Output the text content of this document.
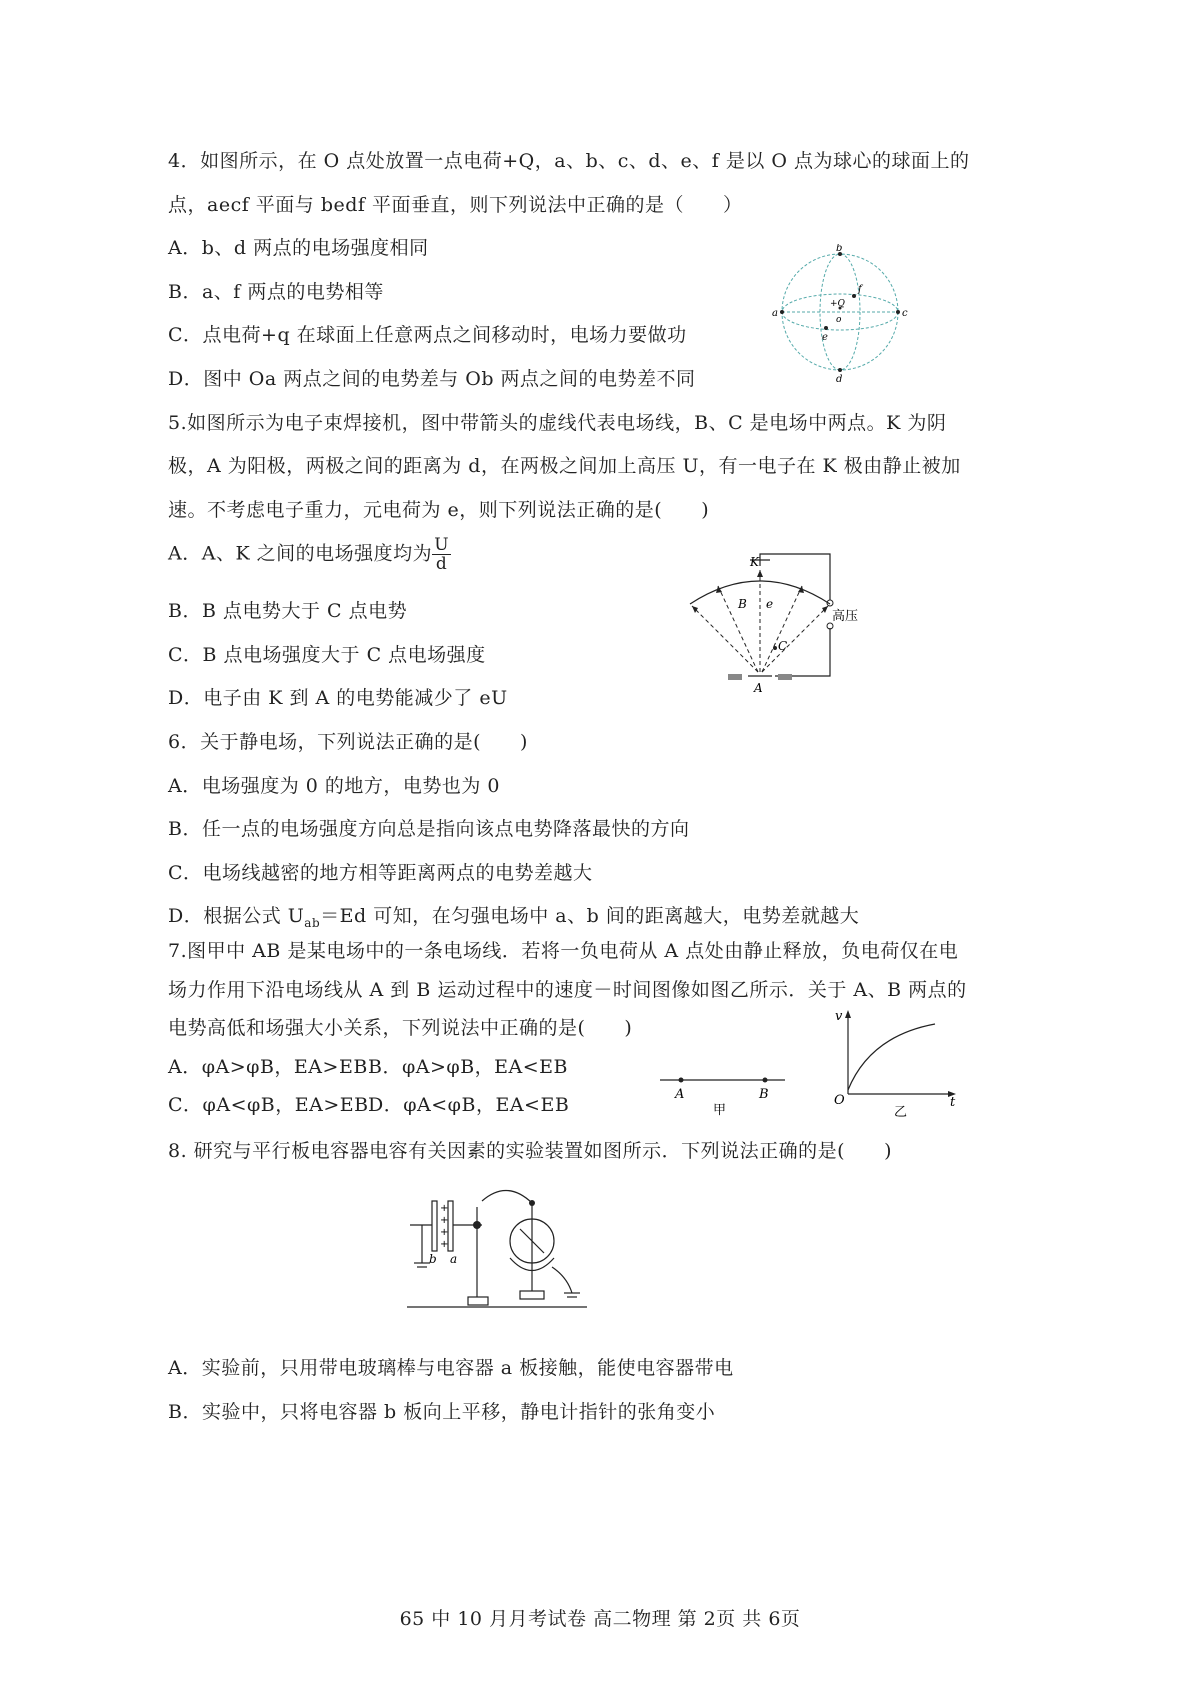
4．如图所示，在 O 点处放置一点电荷+Q，a、b、c、d、e、f 是以 O 点为球心的球面上的
点，aecf 平面与 bedf 平面垂直，则下列说法中正确的是（　　）
A．b、d 两点的电场强度相同
B．a、f 两点的电势相等
C．点电荷+q 在球面上任意两点之间移动时，电场力要做功
D．图中 Oa 两点之间的电势差与 Ob 两点之间的电势差不同
a	c
b
d
e
f
+Q
o
5.如图所示为电子束焊接机，图中带箭头的虚线代表电场线，B、C 是电场中两点。K 为阴
极，A 为阳极，两极之间的距离为 d，在两极之间加上高压 U，有一电子在 K 极由静止被加
速。不考虑电子重力，元电荷为 e，则下列说法正确的是(　　)
A．A、K 之间的电场强度均为 $\frac{U}{d}$
B．B 点电势大于 C 点电势
C．B 点电场强度大于 C 点电场强度
D．电子由 K 到 A 的电势能减少了 eU
K
B e
C
A
高压
6．关于静电场，下列说法正确的是(　　)
A．电场强度为 0 的地方，电势也为 0
B．任一点的电场强度方向总是指向该点电势降落最快的方向
C．电场线越密的地方相等距离两点的电势差越大
D．根据公式 $U_{ab}=Ed$ 可知，在匀强电场中 a、b 间的距离越大，电势差就越大
7.图甲中 AB 是某电场中的一条电场线．若将一负电荷从 A 点处由静止释放，负电荷仅在电
场力作用下沿电场线从 A 到 B 运动过程中的速度－时间图像如图乙所示．关于 A、B 两点的
电势高低和场强大小关系，下列说法中正确的是(　　)
A．φA>φB，EA>EB B．φA>φB，EA<EB
C．φA<φB，EA>EB D．φA<φB，EA<EB	A	B
甲
v
O	t
乙
8. 研究与平行板电容器电容有关因素的实验装置如图所示．下列说法正确的是(　　)
+
+
+
+
b a
A．实验前，只用带电玻璃棒与电容器 a 板接触，能使电容器带电
B．实验中，只将电容器 b 板向上平移，静电计指针的张角变小
65 中 10 月月考试卷 高二物理 第 2页 共 6页
